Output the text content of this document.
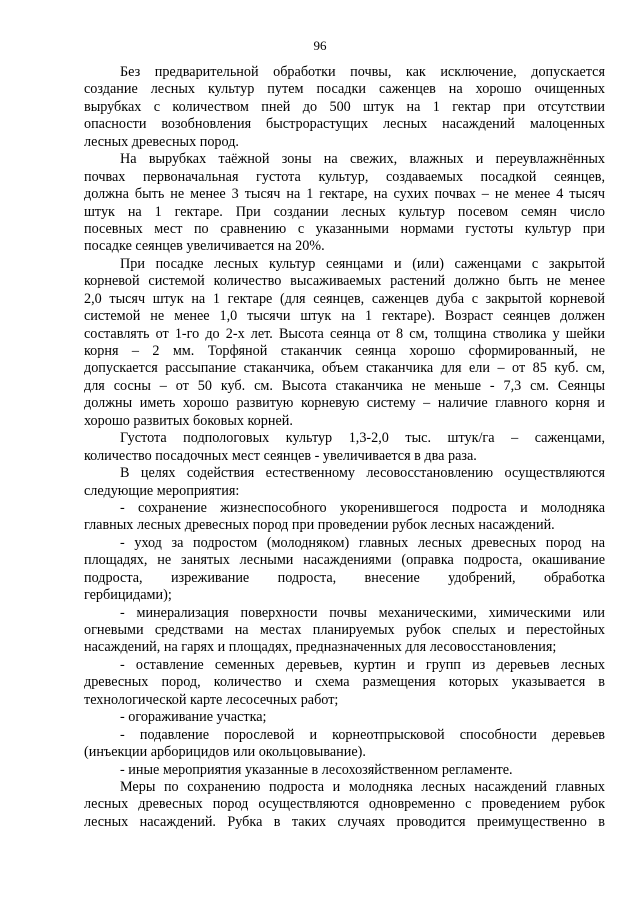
96
Без предварительной обработки почвы, как исключение, допускается
создание лесных культур путем посадки саженцев на хорошо очищенных
вырубках с количеством пней до 500 штук на 1 гектар при отсутствии
опасности возобновления быстрорастущих лесных насаждений малоценных
лесных древесных пород.
На вырубках таёжной зоны на свежих, влажных и переувлажнённых
почвах первоначальная густота культур, создаваемых посадкой сеянцев,
должна быть не менее 3 тысяч на 1 гектаре, на сухих почвах – не менее 4 тысяч
штук на 1 гектаре. При создании лесных культур посевом семян число
посевных мест по сравнению с указанными нормами густоты культур при
посадке сеянцев увеличивается на 20%.
При посадке лесных культур сеянцами и (или) саженцами с закрытой
корневой системой количество высаживаемых растений должно быть не менее
2,0 тысяч штук на 1 гектаре (для сеянцев, саженцев дуба с закрытой корневой
системой не менее 1,0 тысячи штук на 1 гектаре). Возраст сеянцев должен
составлять от 1-го до 2-х лет. Высота сеянца от 8 см, толщина стволика у шейки
корня – 2 мм. Торфяной стаканчик сеянца хорошо сформированный, не
допускается рассыпание стаканчика, объем стаканчика для ели – от 85 куб. см,
для сосны – от 50 куб. см. Высота стаканчика не меньше - 7,3 см. Сеянцы
должны иметь хорошо развитую корневую систему – наличие главного корня и
хорошо развитых боковых корней.
Густота подпологовых культур 1,3-2,0 тыс. штук/га – саженцами,
количество посадочных мест сеянцев - увеличивается в два раза.
В целях содействия естественному лесовосстановлению осуществляются
следующие мероприятия:
- сохранение жизнеспособного укоренившегося подроста и молодняка
главных лесных древесных пород при проведении рубок лесных насаждений.
- уход за подростом (молодняком) главных лесных древесных пород на
площадях, не занятых лесными насаждениями (оправка подроста, окашивание
подроста, изреживание подроста, внесение удобрений, обработка
гербицидами);
- минерализация поверхности почвы механическими, химическими или
огневыми средствами на местах планируемых рубок спелых и перестойных
насаждений, на гарях и площадях, предназначенных для лесовосстановления;
- оставление семенных деревьев, куртин и групп из деревьев лесных
древесных пород, количество и схема размещения которых указывается в
технологической карте лесосечных работ;
- огораживание участка;
- подавление порослевой и корнеотпрысковой способности деревьев
(инъекции арборицидов или окольцовывание).
- иные мероприятия указанные в лесохозяйственном регламенте.
Меры по сохранению подроста и молодняка лесных насаждений главных
лесных древесных пород осуществляются одновременно с проведением рубок
лесных насаждений. Рубка в таких случаях проводится преимущественно в
